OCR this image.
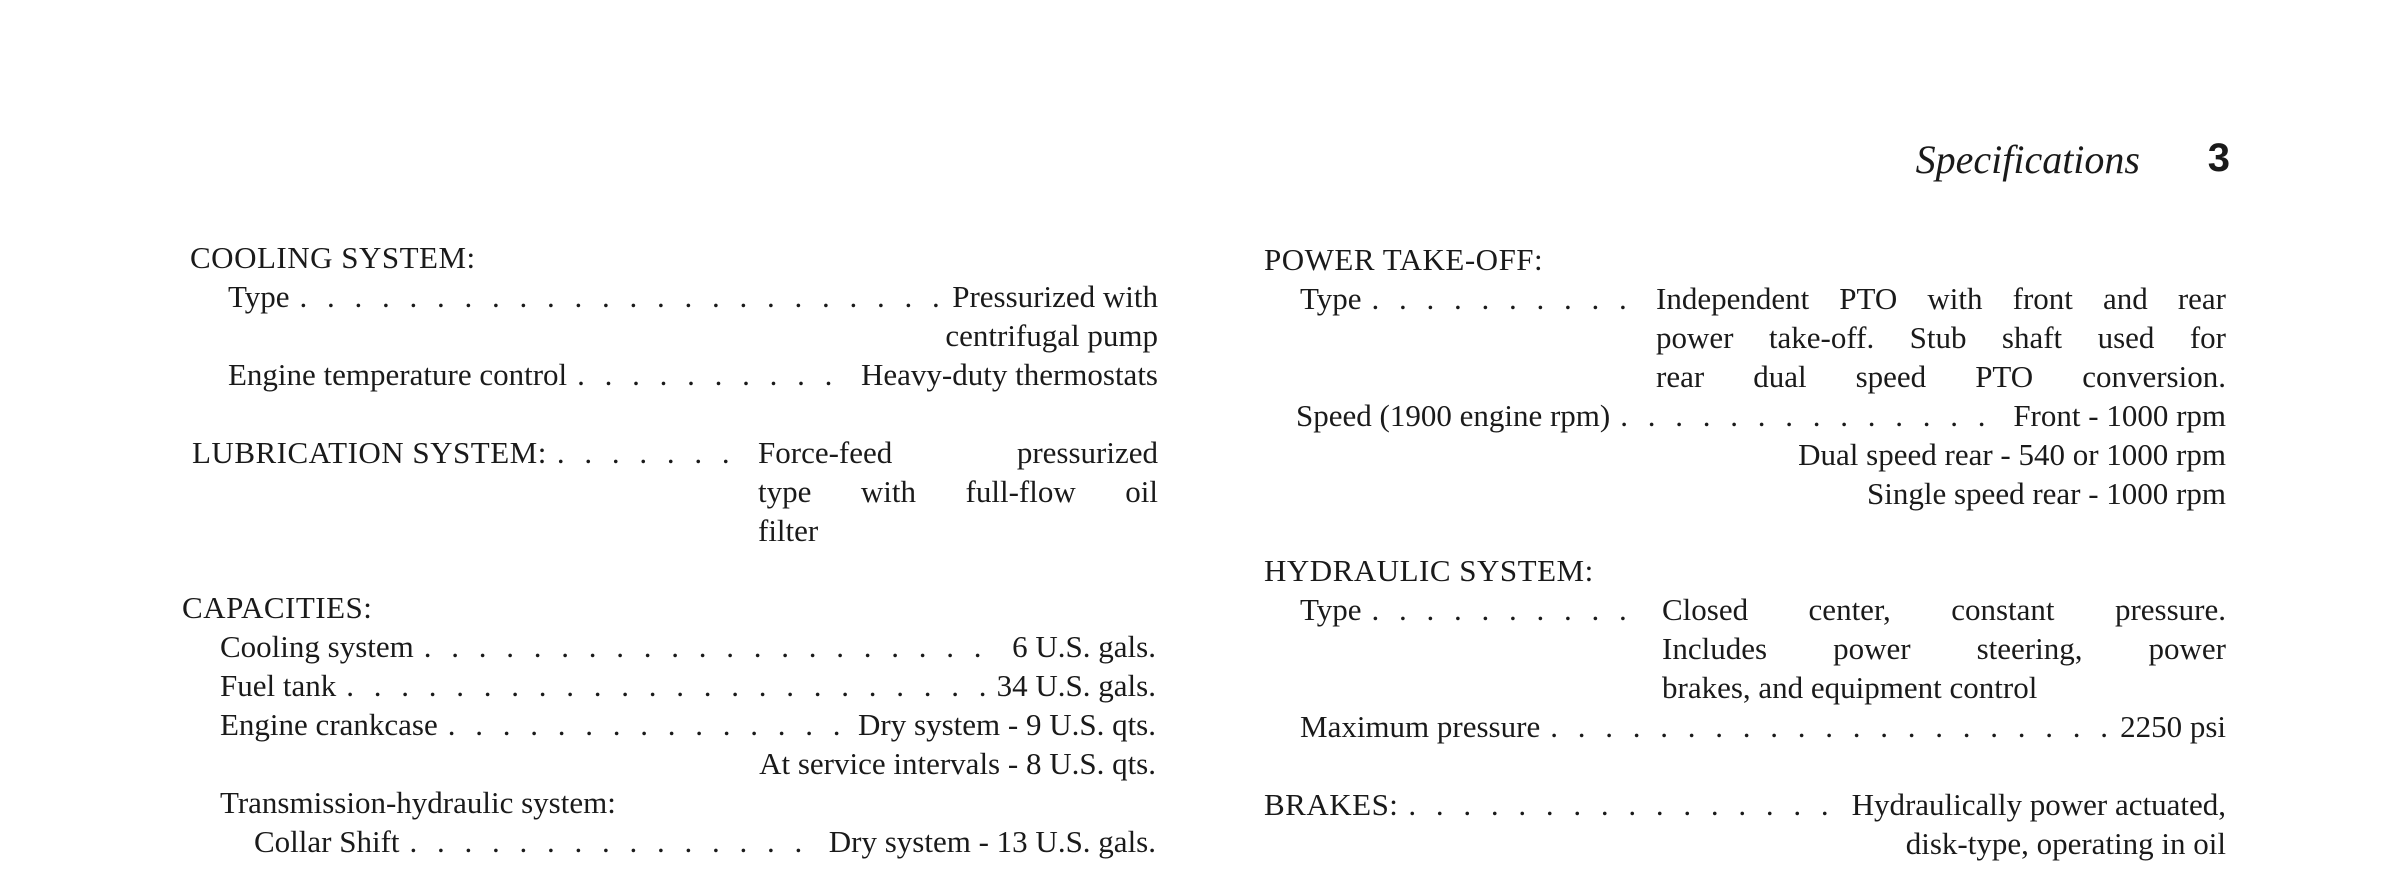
Specifications 3
COOLING SYSTEM:
Type . . .	Pressurized with
centrifugal pump
Engine temperature control . . .	Heavy-duty thermostats
LUBRICATION SYSTEM: . . .	Force-feed pressurized
type with full-flow oil
filter
CAPACITIES:
Cooling system . . .	6 U.S. gals.
Fuel tank . . .	34 U.S. gals.
Engine crankcase . . .	Dry system - 9 U.S. qts.
At service intervals - 8 U.S. qts.
Transmission-hydraulic system:
Collar Shift . . .	Dry system - 13 U.S. gals.
POWER TAKE-OFF:
Type . . .	Independent PTO with front and rear
power take-off. Stub shaft used for
rear dual speed PTO conversion.
Speed (1900 engine rpm) . . .	Front - 1000 rpm
Dual speed rear - 540 or 1000 rpm
Single speed rear - 1000 rpm
HYDRAULIC SYSTEM:
Type . . .	Closed center, constant pressure.
Includes power steering, power
brakes, and equipment control
Maximum pressure . . .	2250 psi
BRAKES: . . .	Hydraulically power actuated,
disk-type, operating in oil
